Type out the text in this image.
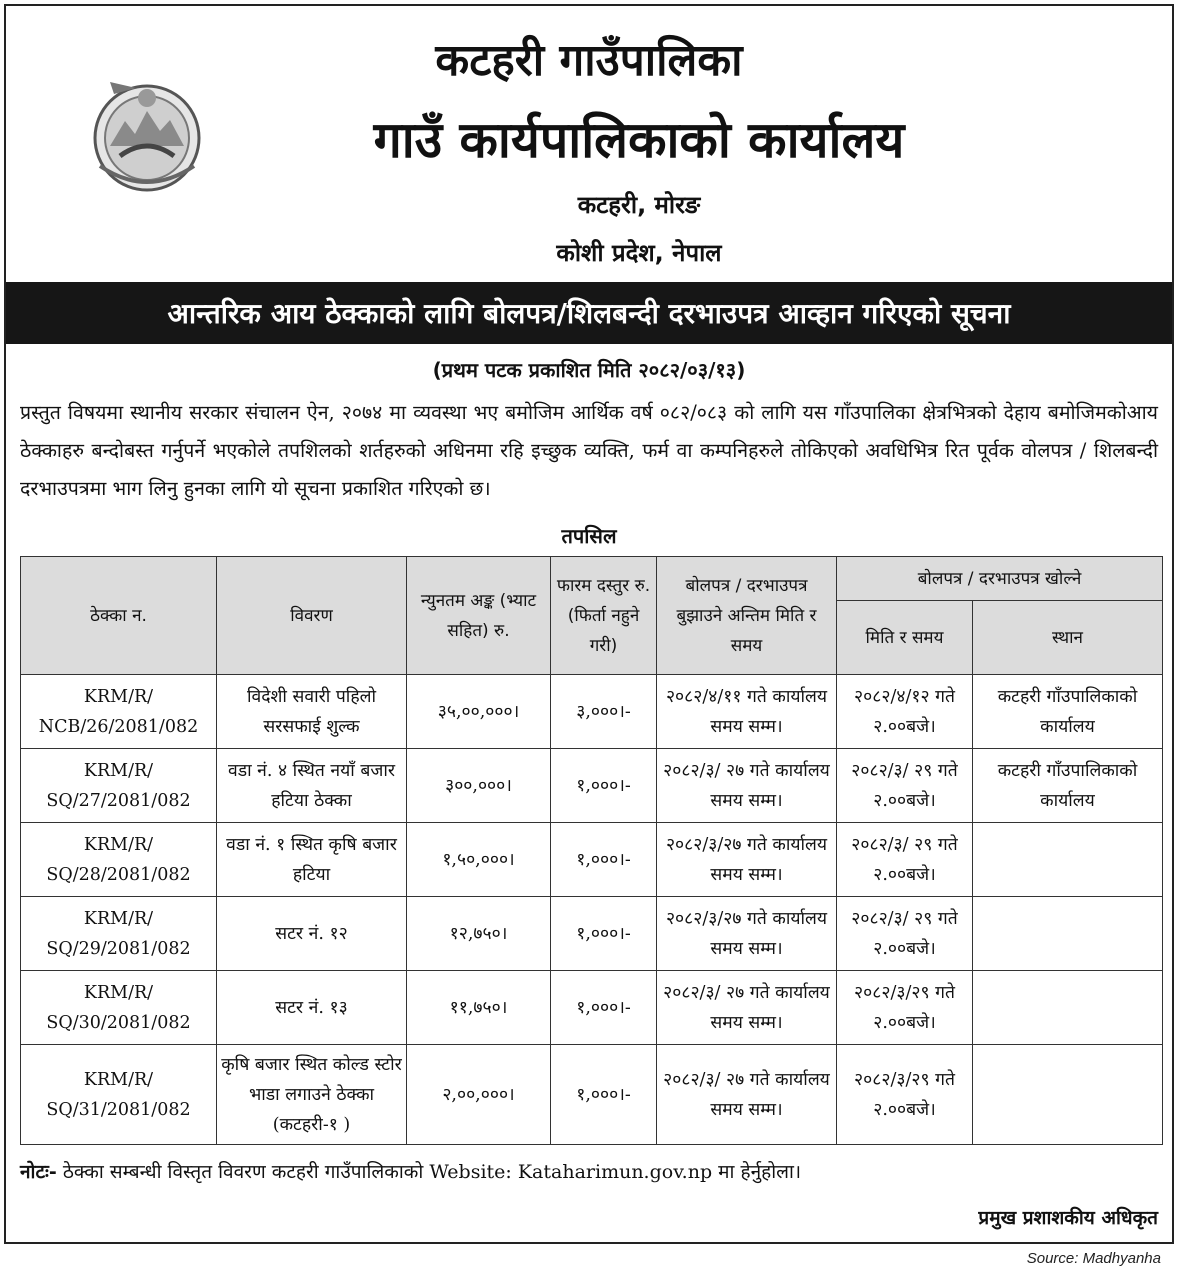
कटहरी गाउँपालिका
गाउँ कार्यपालिकाको कार्यालय
कटहरी, मोरङ
कोशी प्रदेश, नेपाल
आन्तरिक आय ठेक्काको लागि बोलपत्र/शिलबन्दी दरभाउपत्र आव्हान गरिएको सूचना
(प्रथम पटक प्रकाशित मिति २०८२/०३/१३)
प्रस्तुत विषयमा स्थानीय सरकार संचालन ऐन, २०७४ मा व्यवस्था भए बमोजिम आर्थिक वर्ष ०८२/०८३ को लागि यस गाँउपालिका क्षेत्रभित्रको देहाय बमोजिमकोआय ठेक्काहरु बन्दोबस्त गर्नुपर्ने भएकोले तपशिलको शर्तहरुको अधिनमा रहि इच्छुक व्यक्ति, फर्म वा कम्पनिहरुले तोकिएको अवधिभित्र रित पूर्वक वोलपत्र / शिलबन्दी दरभाउपत्रमा भाग लिनु हुनका लागि यो सूचना प्रकाशित गरिएको छ।
तपसिल
ठेक्का न.	विवरण	न्युनतम अङ्क (भ्याट सहित) रु.	फारम दस्तुर रु. (फिर्ता नहुने गरी)	बोलपत्र / दरभाउपत्र बुझाउने अन्तिम मिति र समय	बोलपत्र / दरभाउपत्र खोल्ने	
					मिति र समय	स्थान
KRM/R/ NCB/26/2081/082	विदेशी सवारी पहिलो सरसफाई शुल्क	३५,००,०००।	३,०००।-	२०८२/४/११ गते कार्यालय समय सम्म।	२०८२/४/१२ गते २.००बजे।	कटहरी गाँउपालिकाको कार्यालय
KRM/R/ SQ/27/2081/082	वडा नं. ४ स्थित नयाँ बजार हटिया ठेक्का	३००,०००।	१,०००।-	२०८२/३/ २७ गते कार्यालय समय सम्म।	२०८२/३/ २९ गते २.००बजे।	कटहरी गाँउपालिकाको कार्यालय
KRM/R/ SQ/28/2081/082	वडा नं. १ स्थित कृषि बजार हटिया	१,५०,०००।	१,०००।-	२०८२/३/२७ गते कार्यालय समय सम्म।	२०८२/३/ २९ गते २.००बजे।	
KRM/R/ SQ/29/2081/082	सटर नं. १२	१२,७५०।	१,०००।-	२०८२/३/२७ गते कार्यालय समय सम्म।	२०८२/३/ २९ गते २.००बजे।	
KRM/R/ SQ/30/2081/082	सटर नं. १३	११,७५०।	१,०००।-	२०८२/३/ २७ गते कार्यालय समय सम्म।	२०८२/३/२९ गते २.००बजे।	
KRM/R/ SQ/31/2081/082	कृषि बजार स्थित कोल्ड स्टोर भाडा लगाउने ठेक्का (कटहरी-१ )	२,००,०००।	१,०००।-	२०८२/३/ २७ गते कार्यालय समय सम्म।	२०८२/३/२९ गते २.००बजे।	
नोटः- ठेक्का सम्बन्धी विस्तृत विवरण कटहरी गाउँपालिकाको Website: Kataharimun.gov.np मा हेर्नुहोला।
प्रमुख प्रशाशकीय अधिकृत
Source: Madhyanha
